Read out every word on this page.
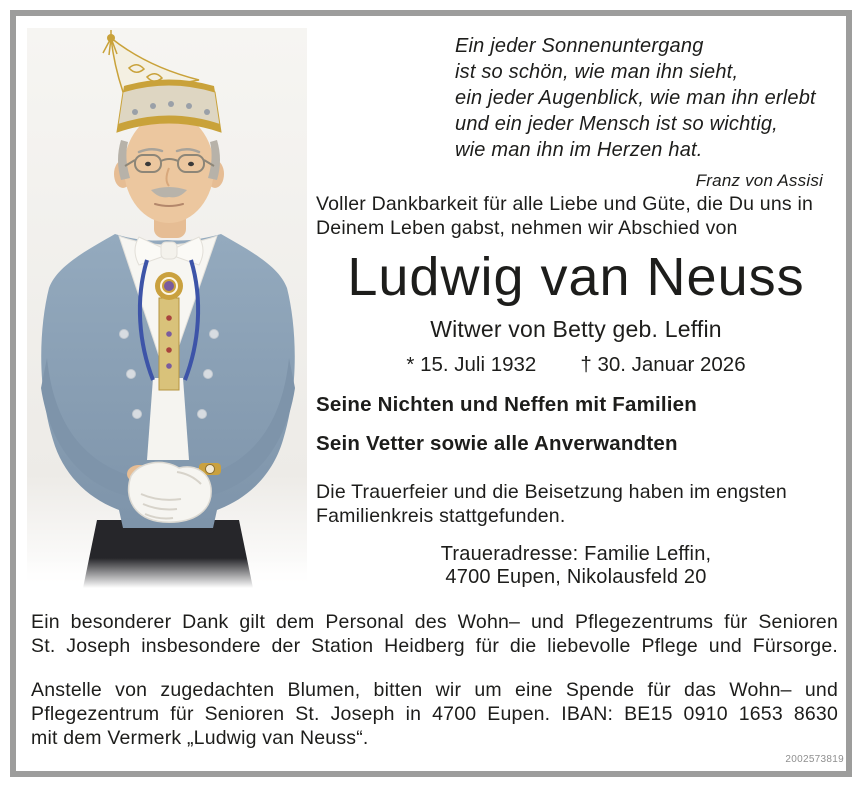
Ein jeder Sonnenuntergang
ist so schön, wie man ihn sieht,
ein jeder Augenblick, wie man ihn erlebt
und ein jeder Mensch ist so wichtig,
wie man ihn im Herzen hat.
Franz von Assisi
Voller Dankbarkeit für alle Liebe und Güte, die Du uns in
Deinem Leben gabst, nehmen wir Abschied von
Ludwig van Neuss
Witwer von Betty geb. Leffin
* 15. Juli 1932 † 30. Januar 2026
Seine Nichten und Neffen mit Familien
Sein Vetter sowie alle Anverwandten
Die Trauerfeier und die Beisetzung haben im engsten
Familienkreis stattgefunden.
Traueradresse: Familie Leffin,
4700 Eupen, Nikolausfeld 20
Ein besonderer Dank gilt dem Personal des Wohn– und Pflegezentrums für Senioren
St. Joseph insbesondere der Station Heidberg für die liebevolle Pflege und Fürsorge.
Anstelle von zugedachten Blumen, bitten wir um eine Spende für das Wohn– und
Pflegezentrum für Senioren St. Joseph in 4700 Eupen. IBAN: BE15 0910 1653 8630
mit dem Vermerk „Ludwig van Neuss“.
2002573819
